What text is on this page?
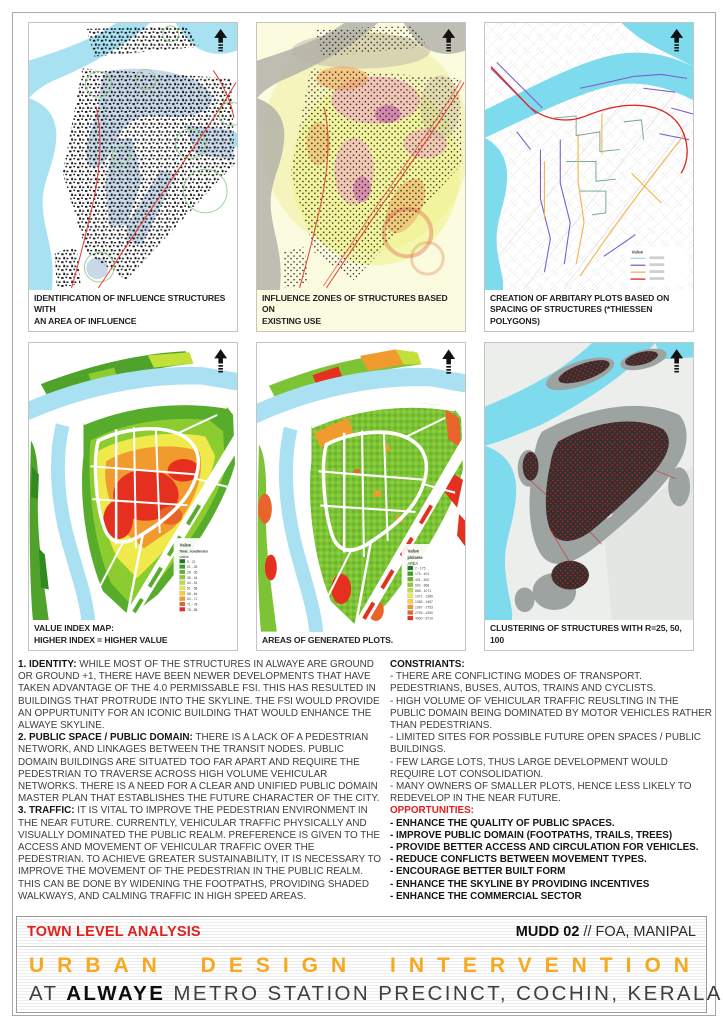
IDENTIFICATION OF INFLUENCE STRUCTURES WITH
AN AREA OF INFLUENCE
INFLUENCE ZONES OF STRUCTURES BASED ON
EXISTING USE
Value
CREATION OF ARBITARY PLOTS BASED ON
SPACING OF STRUCTURES (*THIESSEN POLYGONS)
Value
final_roadindex
value
0 - 21
21 - 28
28 - 36
36 - 44
44 - 51
51 - 58
58 - 64
64 - 71
71 - 78
78 - 85
VALUE INDEX MAP:
HIGHER INDEX = HIGHER VALUE
Value
plotarea
AREA
2 - 175
175 - 401
401 - 602
602 - 868
868 - 1071
1071 - 1385
1385 - 1967
1967 - 2753
2753 - 4300
4300 - 8719
AREAS OF GENERATED PLOTS.
CLUSTERING OF STRUCTURES WITH R=25, 50, 100

1. IDENTITY: WHILE MOST OF THE STRUCTURES IN ALWAYE ARE GROUND OR GROUND +1, THERE HAVE BEEN NEWER DEVELOPMENTS THAT HAVE TAKEN ADVANTAGE OF THE 4.0 PERMISSABLE FSI. THIS HAS RESULTED IN BUILDINGS THAT PROTRUDE INTO THE SKYLINE. THE FSI WOULD PROVIDE AN OPPURTUNITY FOR AN ICONIC BUILDING THAT WOULD ENHANCE THE ALWAYE SKYLINE.

2. PUBLIC SPACE / PUBLIC DOMAIN: THERE IS A LACK OF A PEDESTRIAN NETWORK, AND LINKAGES BETWEEN THE TRANSIT NODES. PUBLIC DOMAIN BUILDINGS ARE SITUATED TOO FAR APART AND REQUIRE THE PEDESTRIAN TO TRAVERSE ACROSS HIGH VOLUME VEHICULAR NETWORKS. THERE IS A NEED FOR A CLEAR AND UNIFIED PUBLIC DOMAIN MASTER PLAN THAT ESTABLISHES THE FUTURE CHARACTER OF THE CITY.

3. TRAFFIC: IT IS VITAL TO IMPROVE THE PEDESTRIAN ENVIRONMENT IN THE NEAR FUTURE. CURRENTLY, VEHICULAR TRAFFIC PHYSICALLY AND VISUALLY DOMINATED THE PUBLIC REALM. PREFERENCE IS GIVEN TO THE ACCESS AND MOVEMENT OF VEHICULAR TRAFFIC OVER THE PEDESTRIAN. TO ACHIEVE GREATER SUSTAINABILITY, IT IS NECESSARY TO IMPROVE THE MOVEMENT OF THE PEDESTRIAN IN THE PUBLIC REALM. THIS CAN BE DONE BY WIDENING THE FOOTPATHS, PROVIDING SHADED WALKWAYS, AND CALMING TRAFFIC IN HIGH SPEED AREAS.

CONSTRIANTS:

- THERE ARE CONFLICTING MODES OF TRANSPORT. PEDESTRIANS, BUSES, AUTOS, TRAINS AND CYCLISTS.
- HIGH VOLUME OF VEHICULAR TRAFFIC REUSLTING IN THE PUBLIC DOMAIN BEING DOMINATED BY MOTOR VEHICLES RATHER THAN PEDESTRIANS.
- LIMITED SITES FOR POSSIBLE FUTURE OPEN SPACES / PUBLIC BUILDINGS.
- FEW LARGE LOTS, THUS LARGE DEVELOPMENT WOULD REQUIRE LOT CONSOLIDATION.
- MANY OWNERS OF SMALLER PLOTS, HENCE LESS LIKELY TO REDEVELOP IN THE NEAR FUTURE.

OPPORTUNITIES:

- ENHANCE THE QUALITY OF PUBLIC SPACES.
- IMPROVE PUBLIC DOMAIN (FOOTPATHS, TRAILS, TREES)
- PROVIDE BETTER ACCESS AND CIRCULATION FOR VEHICLES.
- REDUCE CONFLICTS BETWEEN MOVEMENT TYPES.
- ENCOURAGE BETTER BUILT FORM
- ENHANCE THE SKYLINE BY PROVIDING INCENTIVES
- ENHANCE THE COMMERCIAL SECTOR
TOWN LEVEL ANALYSIS	MUDD 02 // FOA, MANIPAL
URBAN DESIGN INTERVENTION
AT ALWAYE METRO STATION PRECINCT, COCHIN, KERALA
